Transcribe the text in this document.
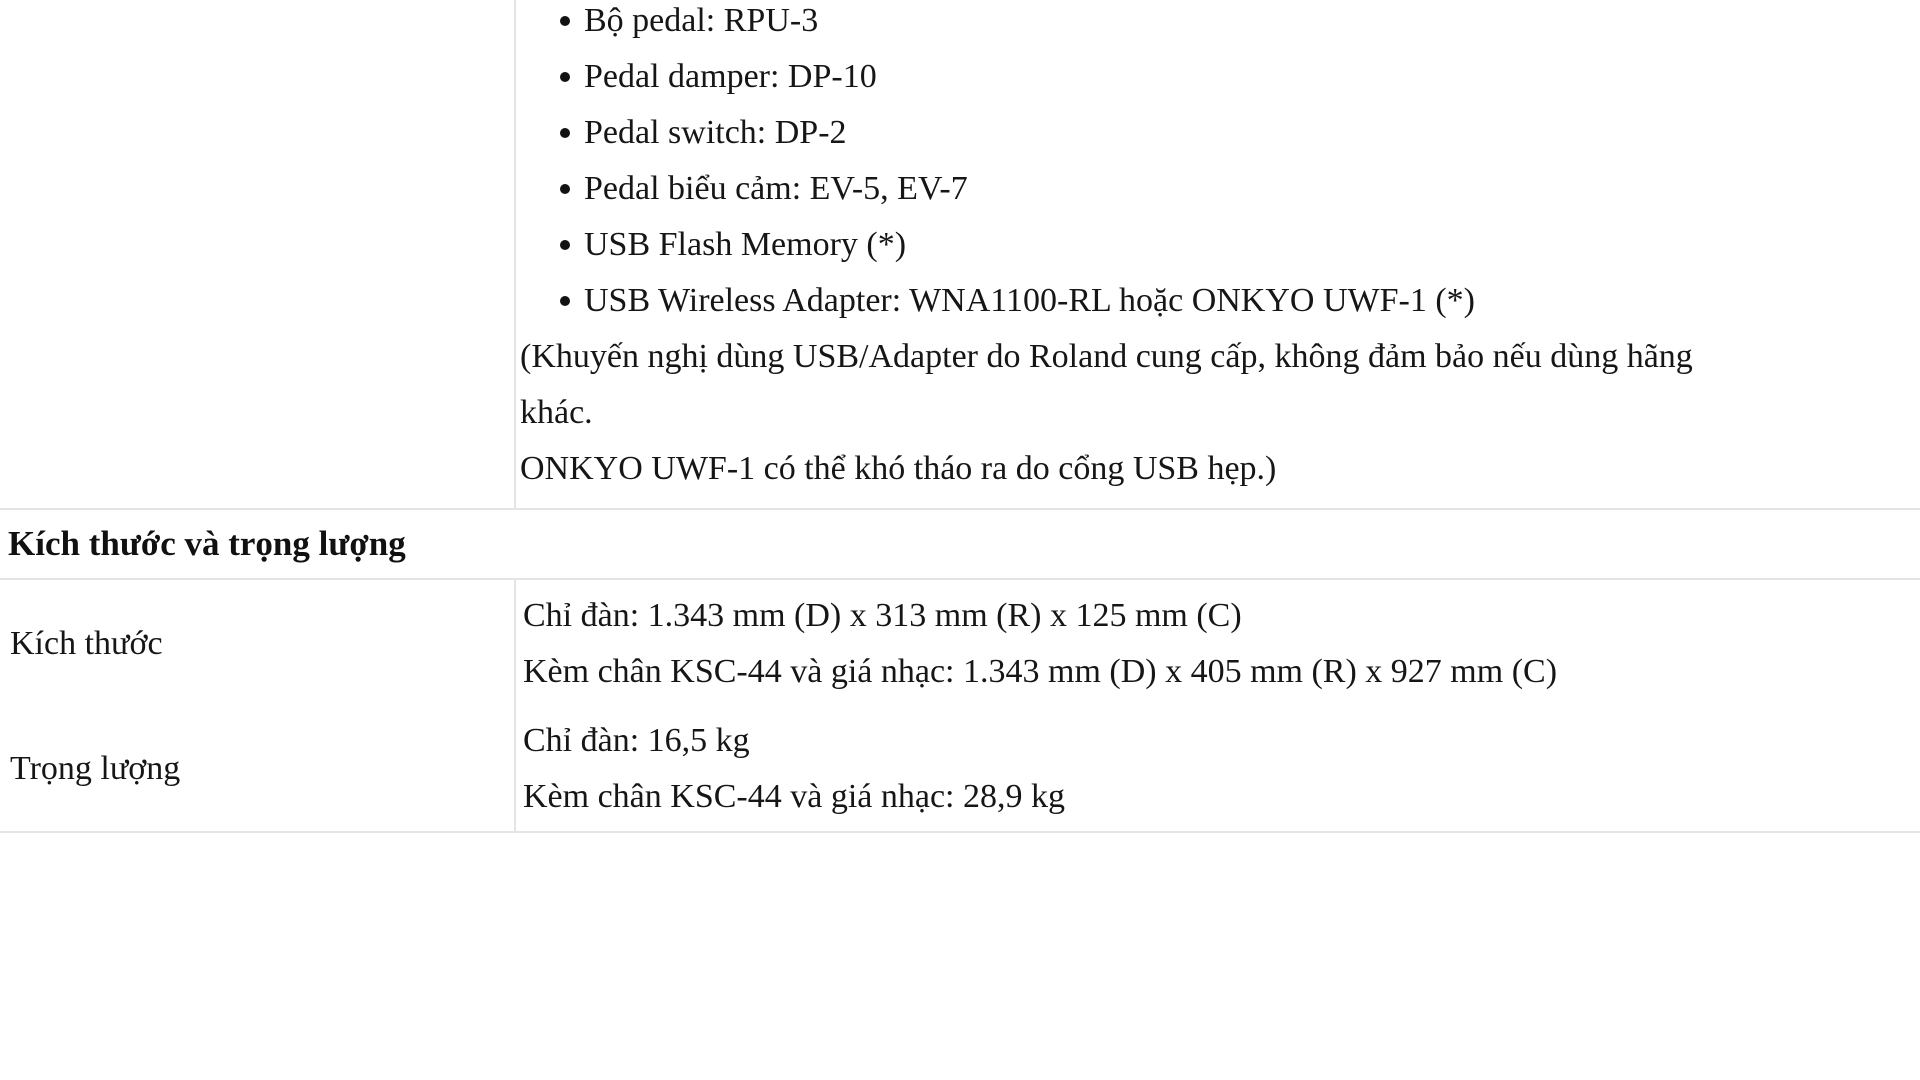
Bộ pedal: RPU-3
Pedal damper: DP-10
Pedal switch: DP-2
Pedal biểu cảm: EV-5, EV-7
USB Flash Memory (*)
USB Wireless Adapter: WNA1100-RL hoặc ONKYO UWF-1 (*)
(Khuyến nghị dùng USB/Adapter do Roland cung cấp, không đảm bảo nếu dùng hãng
khác.
ONKYO UWF-1 có thể khó tháo ra do cổng USB hẹp.)
Kích thước và trọng lượng
Kích thước
Chỉ đàn: 1.343 mm (D) x 313 mm (R) x 125 mm (C)
Kèm chân KSC-44 và giá nhạc: 1.343 mm (D) x 405 mm (R) x 927 mm (C)
Trọng lượng
Chỉ đàn: 16,5 kg
Kèm chân KSC-44 và giá nhạc: 28,9 kg
